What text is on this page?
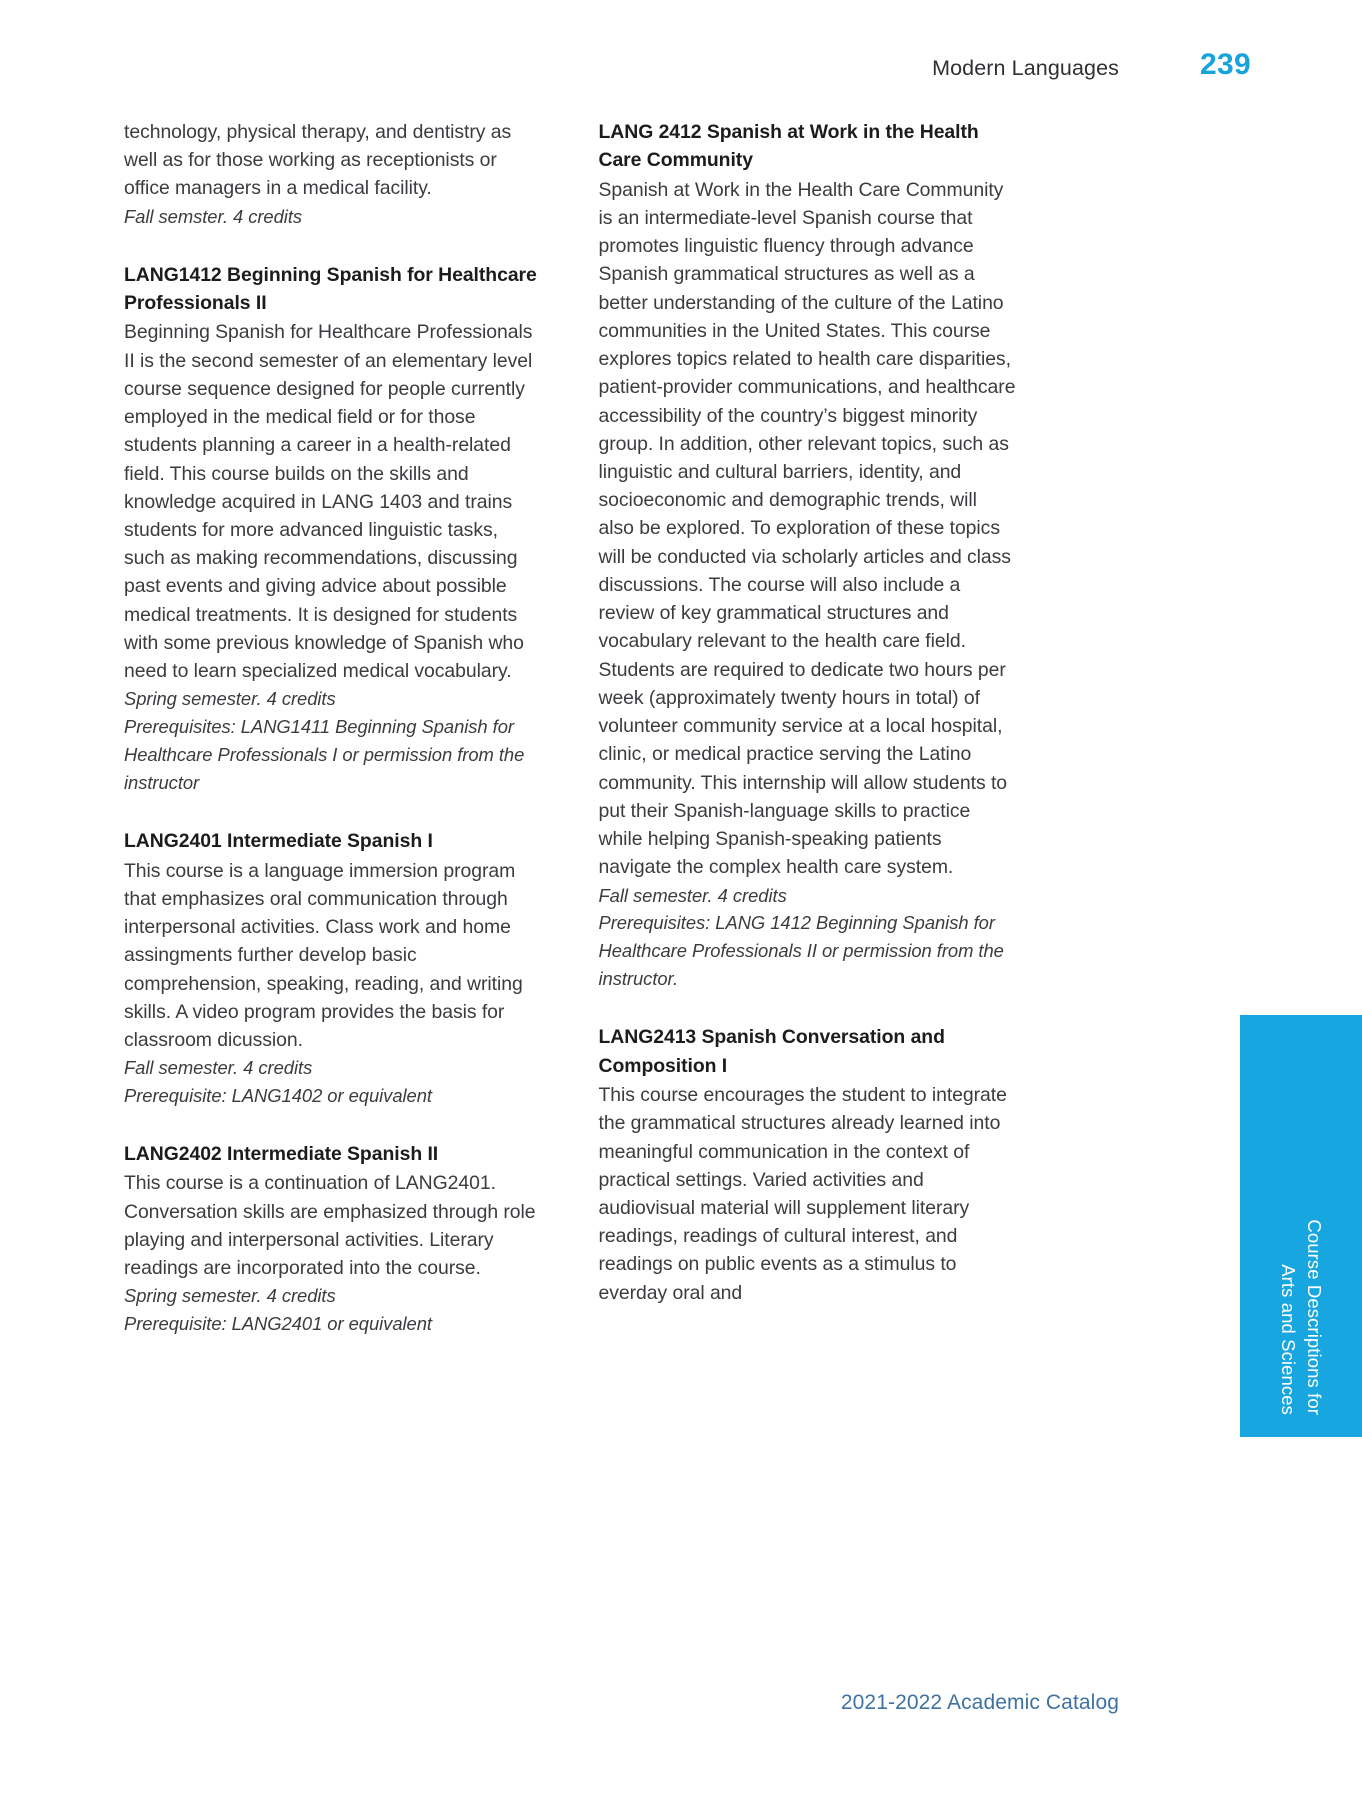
Modern Languages	239

technology, physical therapy, and dentistry as well as for those working as receptionists or office managers in a medical facility.

Fall semster. 4 credits

LANG1412 Beginning Spanish for Healthcare Professionals II

Beginning Spanish for Healthcare Professionals II is the second semester of an elementary level course sequence designed for people currently employed in the medical field or for those students planning a career in a health-related field. This course builds on the skills and knowledge acquired in LANG 1403 and trains students for more advanced linguistic tasks, such as making recommendations, discussing past events and giving advice about possible medical treatments. It is designed for students with some previous knowledge of Spanish who need to learn specialized medical vocabulary.

Spring semester. 4 credits

Prerequisites: LANG1411 Beginning Spanish for Healthcare Professionals I or permission from the instructor

LANG2401 Intermediate Spanish I

This course is a language immersion program that emphasizes oral communication through interpersonal activities. Class work and home assingments further develop basic comprehension, speaking, reading, and writing skills. A video program provides the basis for classroom dicussion.

Fall semester. 4 credits

Prerequisite: LANG1402 or equivalent

LANG2402 Intermediate Spanish II

This course is a continuation of LANG2401. Conversation skills are emphasized through role playing and interpersonal activities. Literary readings are incorporated into the course.

Spring semester. 4 credits

Prerequisite: LANG2401 or equivalent

LANG 2412 Spanish at Work in the Health Care Community

Spanish at Work in the Health Care Community is an intermediate-level Spanish course that promotes linguistic fluency through advance Spanish grammatical structures as well as a better understanding of the culture of the Latino communities in the United States. This course explores topics related to health care disparities, patient-provider communications, and healthcare accessibility of the country’s biggest minority group. In addition, other relevant topics, such as linguistic and cultural barriers, identity, and socioeconomic and demographic trends, will also be explored. To exploration of these topics will be conducted via scholarly articles and class discussions. The course will also include a review of key grammatical structures and vocabulary relevant to the health care field. Students are required to dedicate two hours per week (approximately twenty hours in total) of volunteer community service at a local hospital, clinic, or medical practice serving the Latino community. This internship will allow students to put their Spanish-language skills to practice while helping Spanish-speaking patients navigate the complex health care system.

Fall semester. 4 credits

Prerequisites: LANG 1412 Beginning Spanish for Healthcare Professionals II or permission from the instructor.

LANG2413 Spanish Conversation and Composition I

This course encourages the student to integrate the grammatical structures already learned into meaningful communication in the context of practical settings. Varied activities and audiovisual material will supplement literary readings, readings of cultural interest, and readings on public events as a stimulus to everday oral and	Course Descriptions for
Arts and Sciences
2021-2022 Academic Catalog
